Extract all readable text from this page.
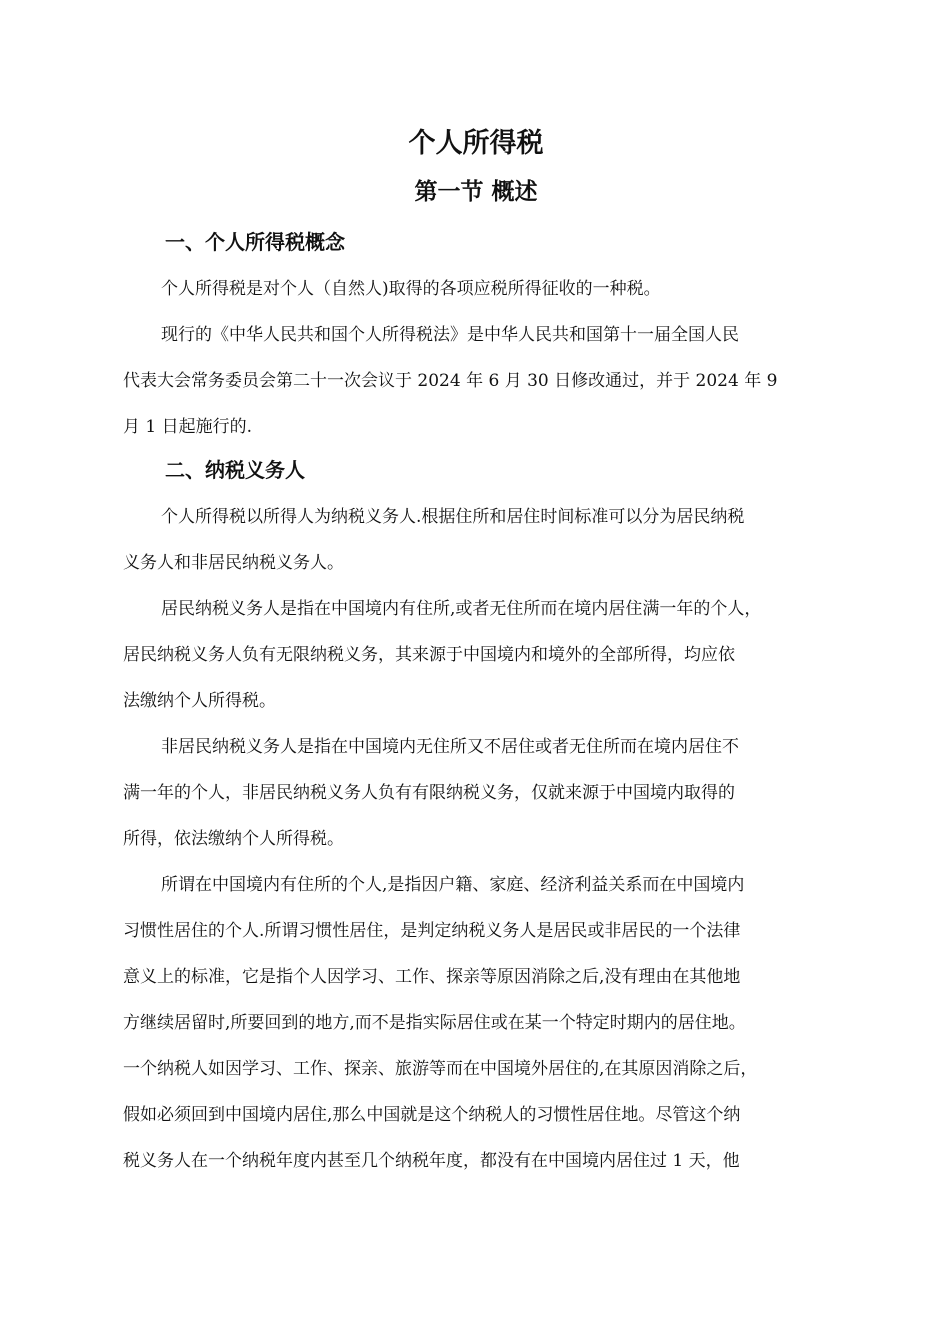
个人所得税
第一节 概述
一、个人所得税概念

个人所得税是对个人（自然人)取得的各项应税所得征收的一种税。

现行的《中华人民共和国个人所得税法》是中华人民共和国第十一届全国人民
代表大会常务委员会第二十一次会议于 2024 年 6 月 30 日修改通过，并于 2024 年 9
月 1 日起施行的.

二、纳税义务人

个人所得税以所得人为纳税义务人.根据住所和居住时间标准可以分为居民纳税
义务人和非居民纳税义务人。

居民纳税义务人是指在中国境内有住所,或者无住所而在境内居住满一年的个人，
居民纳税义务人负有无限纳税义务，其来源于中国境内和境外的全部所得，均应依
法缴纳个人所得税。

非居民纳税义务人是指在中国境内无住所又不居住或者无住所而在境内居住不
满一年的个人，非居民纳税义务人负有有限纳税义务，仅就来源于中国境内取得的
所得，依法缴纳个人所得税。

所谓在中国境内有住所的个人,是指因户籍、家庭、经济利益关系而在中国境内
习惯性居住的个人.所谓习惯性居住，是判定纳税义务人是居民或非居民的一个法律
意义上的标准，它是指个人因学习、工作、探亲等原因消除之后,没有理由在其他地
方继续居留时,所要回到的地方,而不是指实际居住或在某一个特定时期内的居住地。
一个纳税人如因学习、工作、探亲、旅游等而在中国境外居住的,在其原因消除之后，
假如必须回到中国境内居住,那么中国就是这个纳税人的习惯性居住地。尽管这个纳
税义务人在一个纳税年度内甚至几个纳税年度，都没有在中国境内居住过 1 天，他
